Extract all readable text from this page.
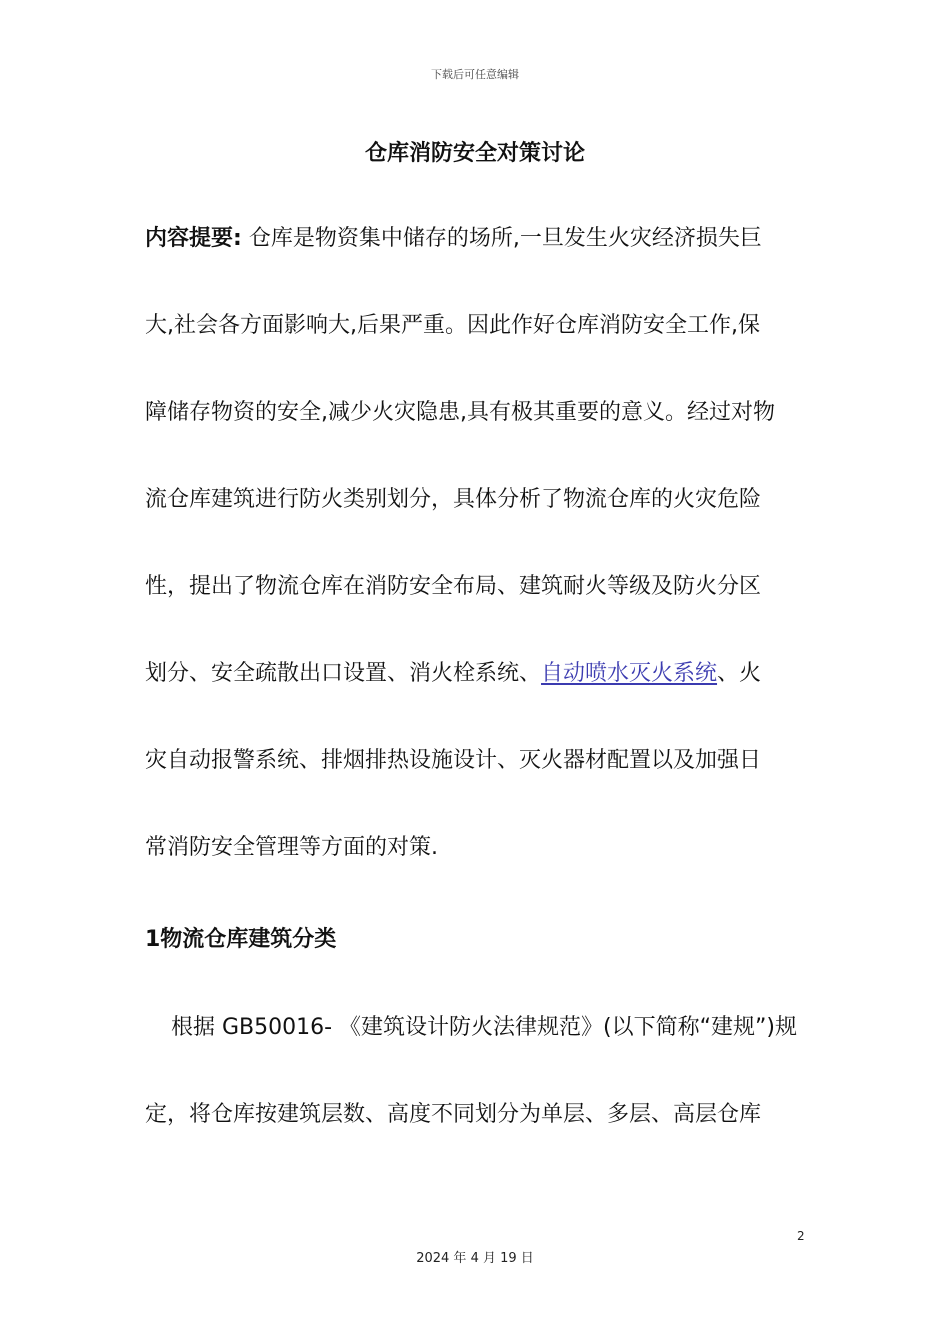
下载后可任意编辑
仓库消防安全对策讨论

内容提要: 仓库是物资集中储存的场所,一旦发生火灾经济损失巨

大,社会各方面影响大,后果严重。因此作好仓库消防安全工作,保

障储存物资的安全,减少火灾隐患,具有极其重要的意义。经过对物

流仓库建筑进行防火类别划分，具体分析了物流仓库的火灾危险

性，提出了物流仓库在消防安全布局、建筑耐火等级及防火分区

划分、安全疏散出口设置、消火栓系统、自动喷水灭火系统、火

灾自动报警系统、排烟排热设施设计、灭火器材配置以及加强日

常消防安全管理等方面的对策.

1物流仓库建筑分类

根据 GB50016- 《建筑设计防火法律规范》(以下简称“建规”)规

定，将仓库按建筑层数、高度不同划分为单层、多层、高层仓库

2
2024 年 4 月 19 日
